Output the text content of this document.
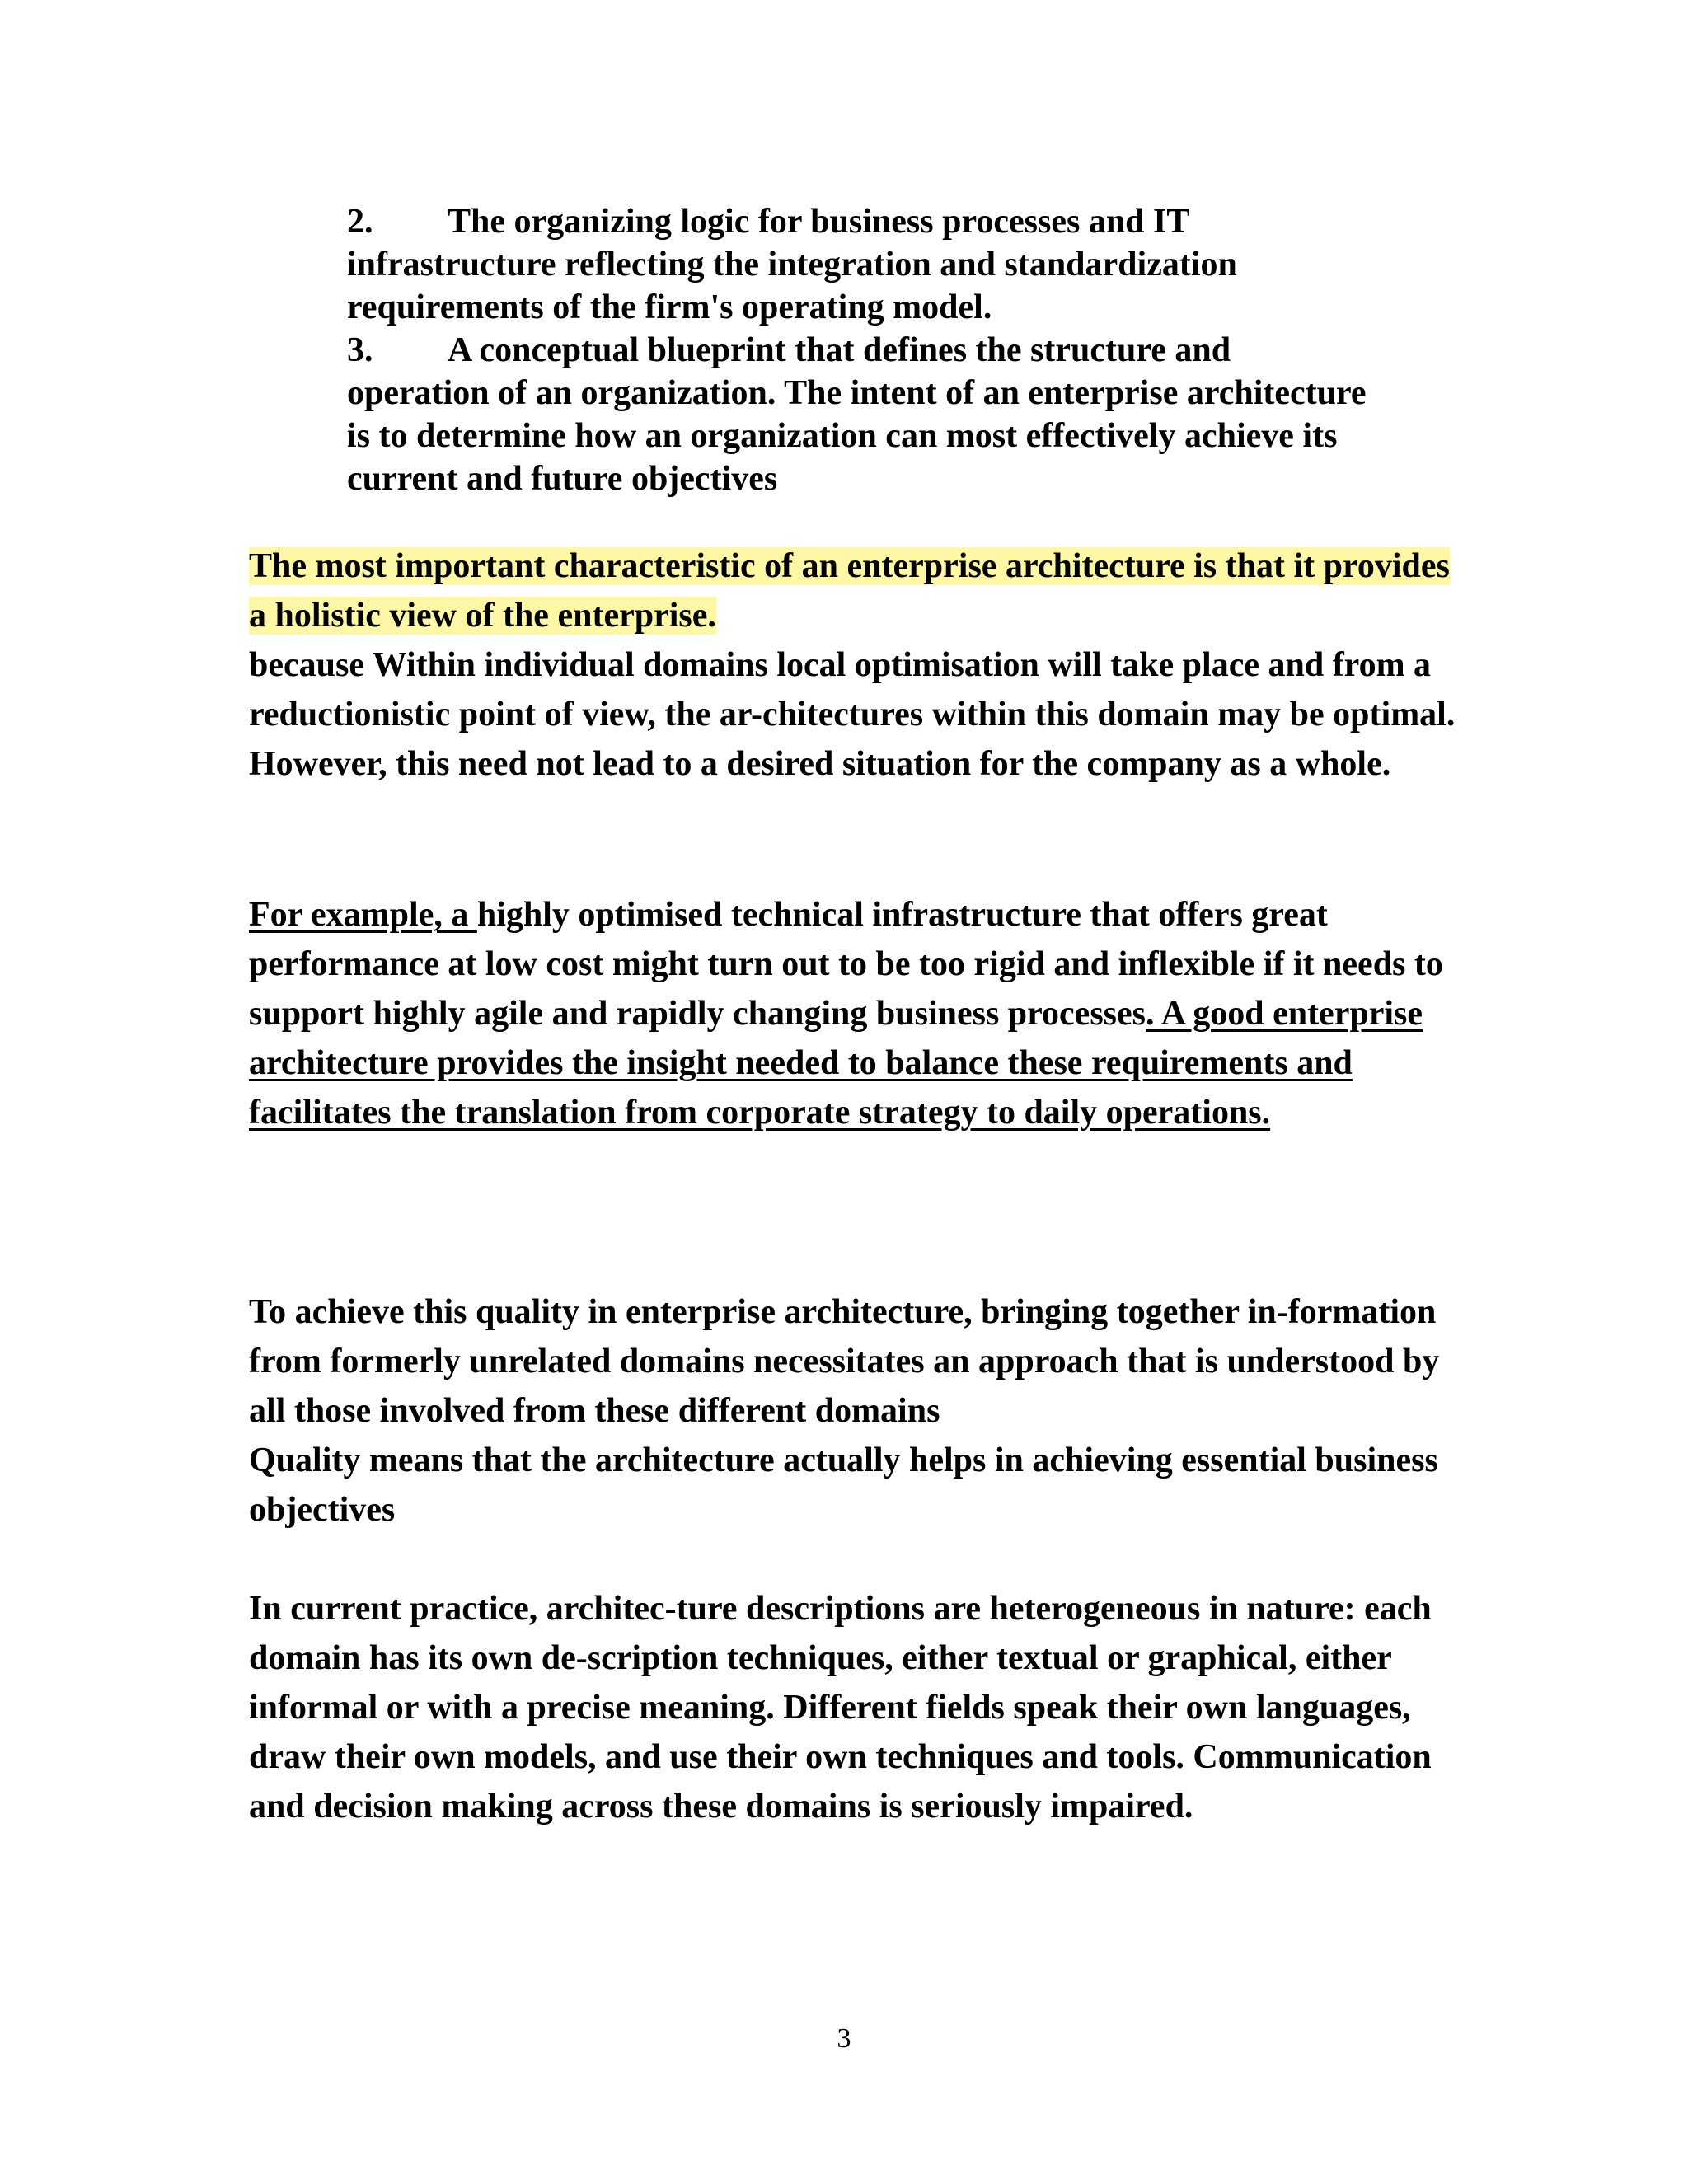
2. The organizing logic for business processes and IT infrastructure reflecting the integration and standardization requirements of the firm's operating model.

3. A conceptual blueprint that defines the structure and operation of an organization. The intent of an enterprise architecture is to determine how an organization can most effectively achieve its current and future objectives

The most important characteristic of an enterprise architecture is that it provides a holistic view of the enterprise.
because Within individual domains local optimisation will take place and from a reductionistic point of view, the ar-chitectures within this domain may be optimal. However, this need not lead to a desired situation for the company as a whole.
For example, a highly optimised technical infrastructure that offers great performance at low cost might turn out to be too rigid and inflexible if it needs to support highly agile and rapidly changing business processes. A good enterprise architecture provides the insight needed to balance these requirements and facilitates the translation from corporate strategy to daily operations.
To achieve this quality in enterprise architecture, bringing together in-formation from formerly unrelated domains necessitates an approach that is understood by all those involved from these different domains
Quality means that the architecture actually helps in achieving essential business objectives
In current practice, architec-ture descriptions are heterogeneous in nature: each domain has its own de-scription techniques, either textual or graphical, either informal or with a precise meaning. Different fields speak their own languages, draw their own models, and use their own techniques and tools. Communication and decision making across these domains is seriously impaired.
3
